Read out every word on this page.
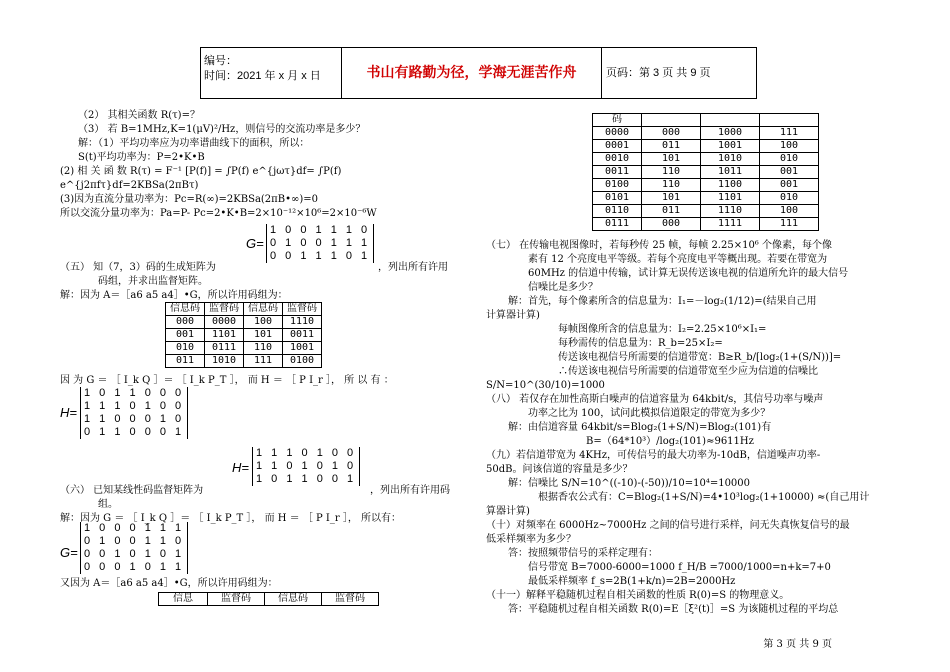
编号：
时间：2021 年 x 月 x 日	书山有路勤为径，学海无涯苦作舟	页码：第 3 页 共 9 页
（2） 其相关函数 R(τ)=？
（3） 若 B=1MHz,K=1(μV)²/Hz，则信号的交流功率是多少？
解：（1）平均功率应为功率谱曲线下的面积，所以：
S(t)平均功率为：P=2•K•B
(2) 相 关 函 数 R(τ) = F⁻¹ [P(f)] = ∫P(f) e^{jωτ}df= ∫P(f)
e^{j2πfτ}df=2KBSa(2πBτ)
(3)因为直流分量功率为：Pc=R(∞)=2KBSa(2πB•∞)=0
所以交流分量功率为：Pa=P- Pc=2•K•B=2×10⁻¹²×10⁶=2×10⁻⁶W
G=
1 0 0 1 1 1 0
0 1 0 0 1 1 1
0 0 1 1 1 0 1
（五） 知（7，3）码的生成矩阵为	，列出所有许用
码组，并求出监督矩阵。
解：因为 A＝［a6 a5 a4］•G，所以许用码组为：
信息码	监督码	信息码	监督码
000	0000	100	1110
001	1101	101	0011
010	0111	110	1001
011	1010	111	0100
因 为 G ＝ ［ I_k Q ］＝ ［ I_k P_T ］， 而 H ＝ ［ P I_r ］， 所 以 有 ：
H=
1 0 1 1 0 0 0
1 1 1 0 1 0 0
1 1 0 0 0 1 0
0 1 1 0 0 0 1
H=
1 1 1 0 1 0 0
1 1 0 1 0 1 0
1 0 1 1 0 0 1
（六） 已知某线性码监督矩阵为	，列出所有许用码
组。
解：因为 G ＝ ［ I_k Q ］＝ ［ I_k P_T ］， 而 H ＝ ［ P I_r ］， 所以有：
G=
1 0 0 0 1 1 1
0 1 0 0 1 1 0
0 0 1 0 1 0 1
0 0 0 1 0 1 1
又因为 A＝［a6 a5 a4］•G，所以许用码组为：
信息	监督码	信息码	监督码
码			
0000	000	1000	111
0001	011	1001	100
0010	101	1010	010
0011	110	1011	001
0100	110	1100	001
0101	101	1101	010
0110	011	1110	100
0111	000	1111	111
（七） 在传输电视图像时，若每秒传 25 帧，每帧 2.25×10⁶ 个像素，每个像
素有 12 个亮度电平等级。若每个亮度电平等概出现。若要在带宽为
60MHz 的信道中传输，试计算无误传送该电视的信道所允许的最大信号
信噪比是多少？
解：首先，每个像素所含的信息量为：I₁=－log₂(1/12)=(结果自己用
计算器计算)
每帧图像所含的信息量为：I₂=2.25×10⁶×I₁=
每秒需传的信息量为：R_b=25×I₂=
传送该电视信号所需要的信道带宽：B≥R_b/[log₂(1+(S/N))]=
∴传送该电视信号所需要的信道带宽至少应为信道的信噪比
S/N=10^(30/10)=1000
（八） 若仅存在加性高斯白噪声的信道容量为 64kbit/s，其信号功率与噪声
功率之比为 100，试问此模拟信道限定的带宽为多少？
解：由信道容量 64kbit/s=Blog₂(1+S/N)=Blog₂(101)有
B=（64*10³）/log₂(101)≈9611Hz
（九）若信道带宽为 4KHz，可传信号的最大功率为-10dB，信道噪声功率-
50dB。问该信道的容量是多少？
解：信噪比 S/N=10^((-10)-(-50))/10=10⁴=10000
根据香农公式有：C=Blog₂(1+S/N)=4•10³log₂(1+10000) ≈(自己用计
算器计算)
（十）对频率在 6000Hz~7000Hz 之间的信号进行采样，问无失真恢复信号的最
低采样频率为多少？
答：按照频带信号的采样定理有：
信号带宽 B=7000-6000=1000 f_H/B =7000/1000=n+k=7+0
最低采样频率 f_s=2B(1+k/n)=2B=2000Hz
（十一）解释平稳随机过程自相关函数的性质 R(0)=S 的物理意义。
答：平稳随机过程自相关函数 R(0)=E［ξ²(t)］=S 为该随机过程的平均总
第 3 页 共 9 页
